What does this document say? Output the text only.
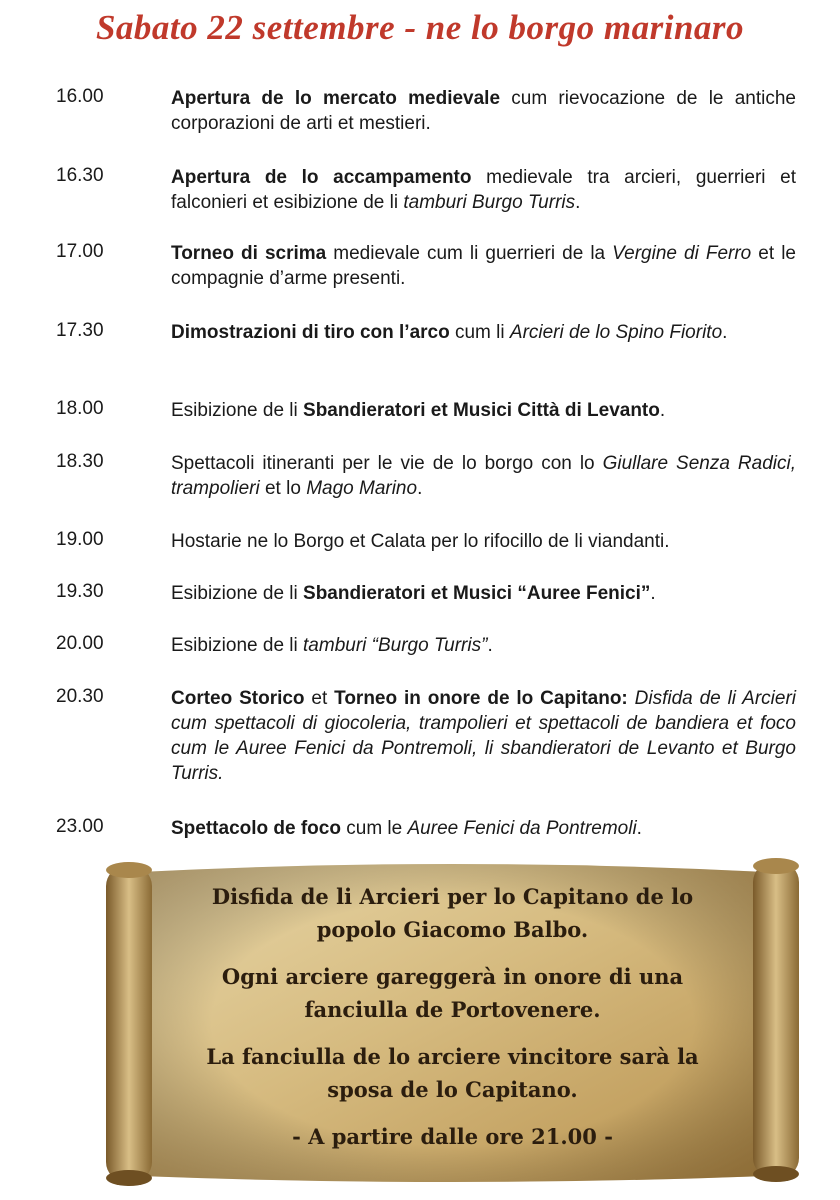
Sabato 22 settembre - ne lo borgo marinaro
16.00	Apertura de lo mercato medievale cum rievocazione de le antiche corporazioni de arti et mestieri.
16.30	Apertura de lo accampamento medievale tra arcieri, guerrieri et falconieri et esibizione de li tamburi Burgo Turris.
17.00	Torneo di scrima medievale cum li guerrieri de la Vergine di Ferro et le compagnie d’arme presenti.
17.30	Dimostrazioni di tiro con l’arco cum li Arcieri de lo Spino Fiorito.
18.00	Esibizione de li Sbandieratori et Musici Città di Levanto.
18.30	Spettacoli itineranti per le vie de lo borgo con lo Giullare Senza Radici, trampolieri et lo Mago Marino.
19.00	Hostarie ne lo Borgo et Calata per lo rifocillo de li viandanti.
19.30	Esibizione de li Sbandieratori et Musici “Auree Fenici”.
20.00	Esibizione de li tamburi “Burgo Turris”.
20.30	Corteo Storico et Torneo in onore de lo Capitano: Disfida de li Arcieri cum spettacoli di giocoleria, trampolieri et spettacoli de bandiera et foco cum le Auree Fenici da Pontremoli, li sbandieratori de Levanto et Burgo Turris.
23.00	Spettacolo de foco cum le Auree Fenici da Pontremoli.

Disfida de li Arcieri per lo Capitano de lo popolo Giacomo Balbo.

Ogni arciere gareggerà in onore di una fanciulla de Portovenere.

La fanciulla de lo arciere vincitore sarà la sposa de lo Capitano.

- A partire dalle ore 21.00 -
